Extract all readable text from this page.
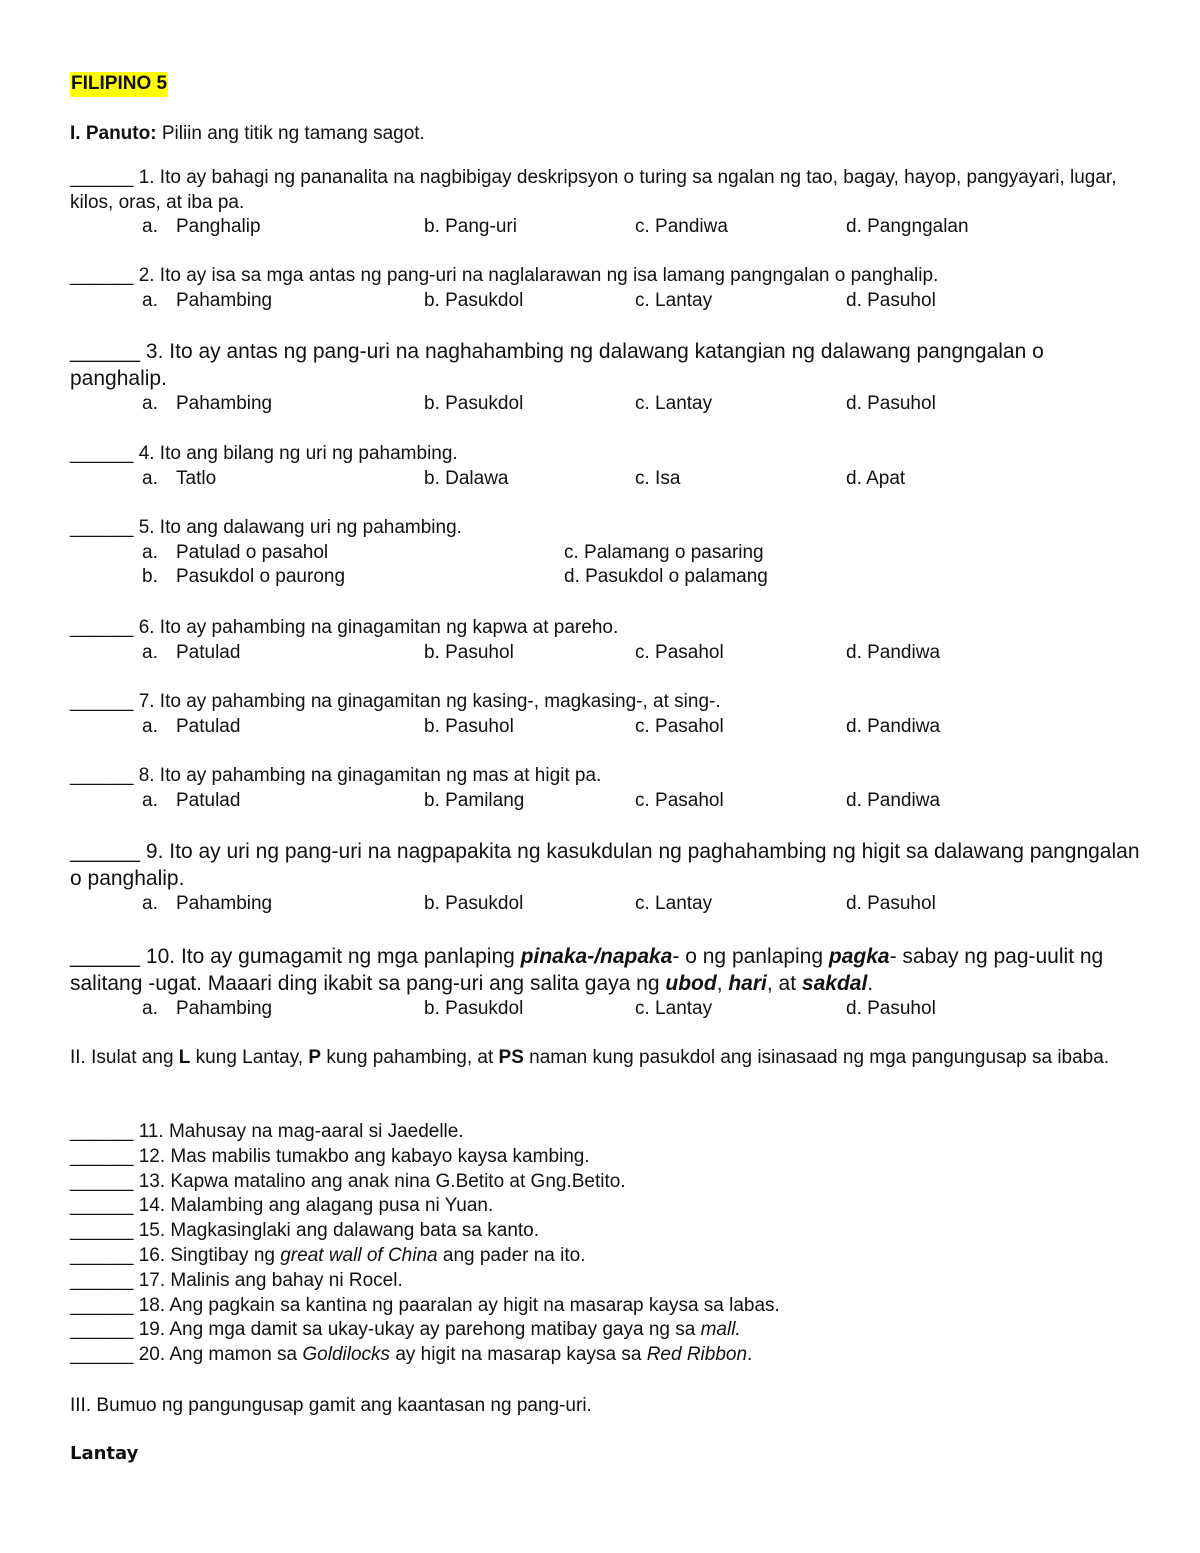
FILIPINO 5
I. Panuto: Piliin ang titik ng tamang sagot.
______ 1. Ito ay bahagi ng pananalita na nagbibigay deskripsyon o turing sa ngalan ng tao, bagay, hayop, pangyayari, lugar, kilos, oras, at iba pa.
a. Panghalip	b. Pang-uri	c. Pandiwa	d. Pangngalan
______ 2. Ito ay isa sa mga antas ng pang-uri na naglalarawan ng isa lamang pangngalan o panghalip.
a. Pahambing	b. Pasukdol	c. Lantay	d. Pasuhol
______ 3. Ito ay antas ng pang-uri na naghahambing ng dalawang katangian ng dalawang pangngalan o panghalip.
a. Pahambing	b. Pasukdol	c. Lantay	d. Pasuhol
______ 4. Ito ang bilang ng uri ng pahambing.
a. Tatlo	b. Dalawa	c. Isa	d. Apat
______ 5. Ito ang dalawang uri ng pahambing.
a. Patulad o pasahol	c. Palamang o pasaring
b. Pasukdol o paurong	d. Pasukdol o palamang
______ 6. Ito ay pahambing na ginagamitan ng kapwa at pareho.
a. Patulad	b. Pasuhol	c. Pasahol	d. Pandiwa
______ 7. Ito ay pahambing na ginagamitan ng kasing-, magkasing-, at sing-.
a. Patulad	b. Pasuhol	c. Pasahol	d. Pandiwa
______ 8. Ito ay pahambing na ginagamitan ng mas at higit pa.
a. Patulad	b. Pamilang	c. Pasahol	d. Pandiwa
______ 9. Ito ay uri ng pang-uri na nagpapakita ng kasukdulan ng paghahambing ng higit sa dalawang pangngalan o panghalip.
a. Pahambing	b. Pasukdol	c. Lantay	d. Pasuhol
______ 10. Ito ay gumagamit ng mga panlaping pinaka-/napaka- o ng panlaping pagka- sabay ng pag-uulit ng salitang -ugat. Maaari ding ikabit sa pang-uri ang salita gaya ng ubod, hari, at sakdal.
a. Pahambing	b. Pasukdol	c. Lantay	d. Pasuhol
II. Isulat ang L kung Lantay, P kung pahambing, at PS naman kung pasukdol ang isinasaad ng mga pangungusap sa ibaba.
______ 11. Mahusay na mag-aaral si Jaedelle.
______ 12. Mas mabilis tumakbo ang kabayo kaysa kambing.
______ 13. Kapwa matalino ang anak nina G.Betito at Gng.Betito.
______ 14. Malambing ang alagang pusa ni Yuan.
______ 15. Magkasinglaki ang dalawang bata sa kanto.
______ 16. Singtibay ng great wall of China ang pader na ito.
______ 17. Malinis ang bahay ni Rocel.
______ 18. Ang pagkain sa kantina ng paaralan ay higit na masarap kaysa sa labas.
______ 19. Ang mga damit sa ukay-ukay ay parehong matibay gaya ng sa mall.
______ 20. Ang mamon sa Goldilocks ay higit na masarap kaysa sa Red Ribbon.
III. Bumuo ng pangungusap gamit ang kaantasan ng pang-uri.
Lantay
